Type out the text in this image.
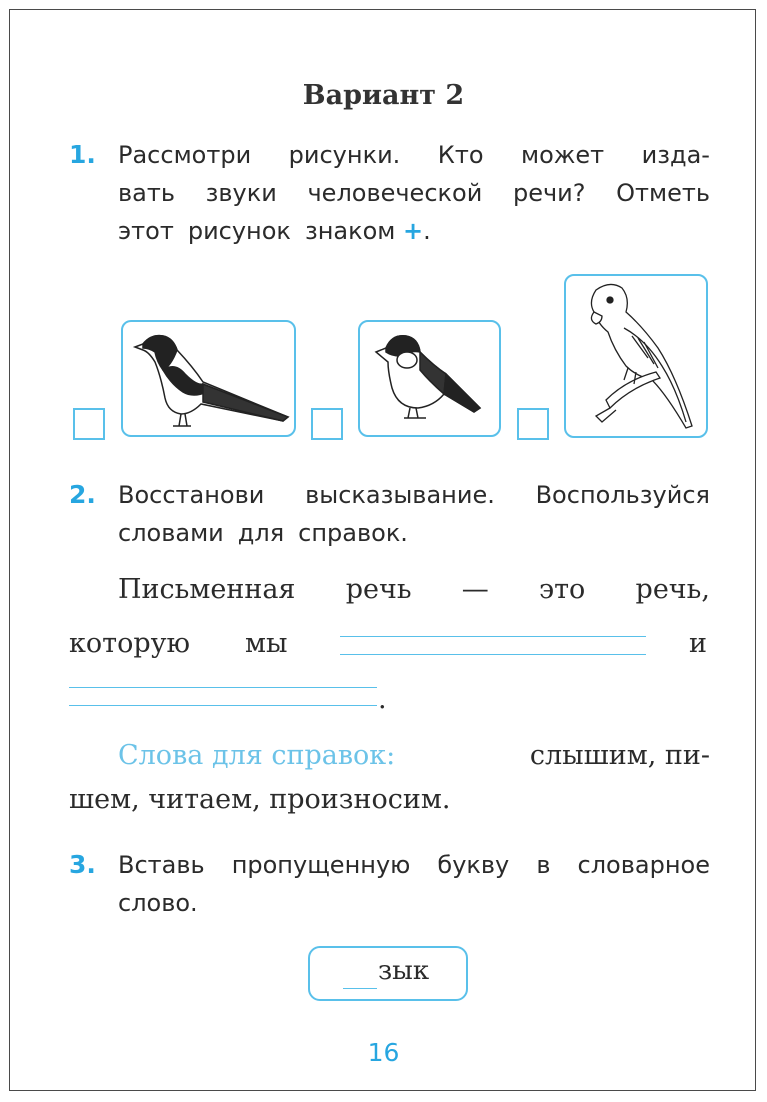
Вариант 2
1. Рассмотри рисунки. Кто может изда-
вать звуки человеческой речи? Отметь
этот рисунок знаком +.
2. Восстанови высказывание. Воспользуйся
словами для справок.
Письменная речь — это речь,
которую мы	и
.
Слова для справок:	слышим, пи-
шем, читаем, произносим.
3. Вставь пропущенную букву в словарное
слово.
зык
16
